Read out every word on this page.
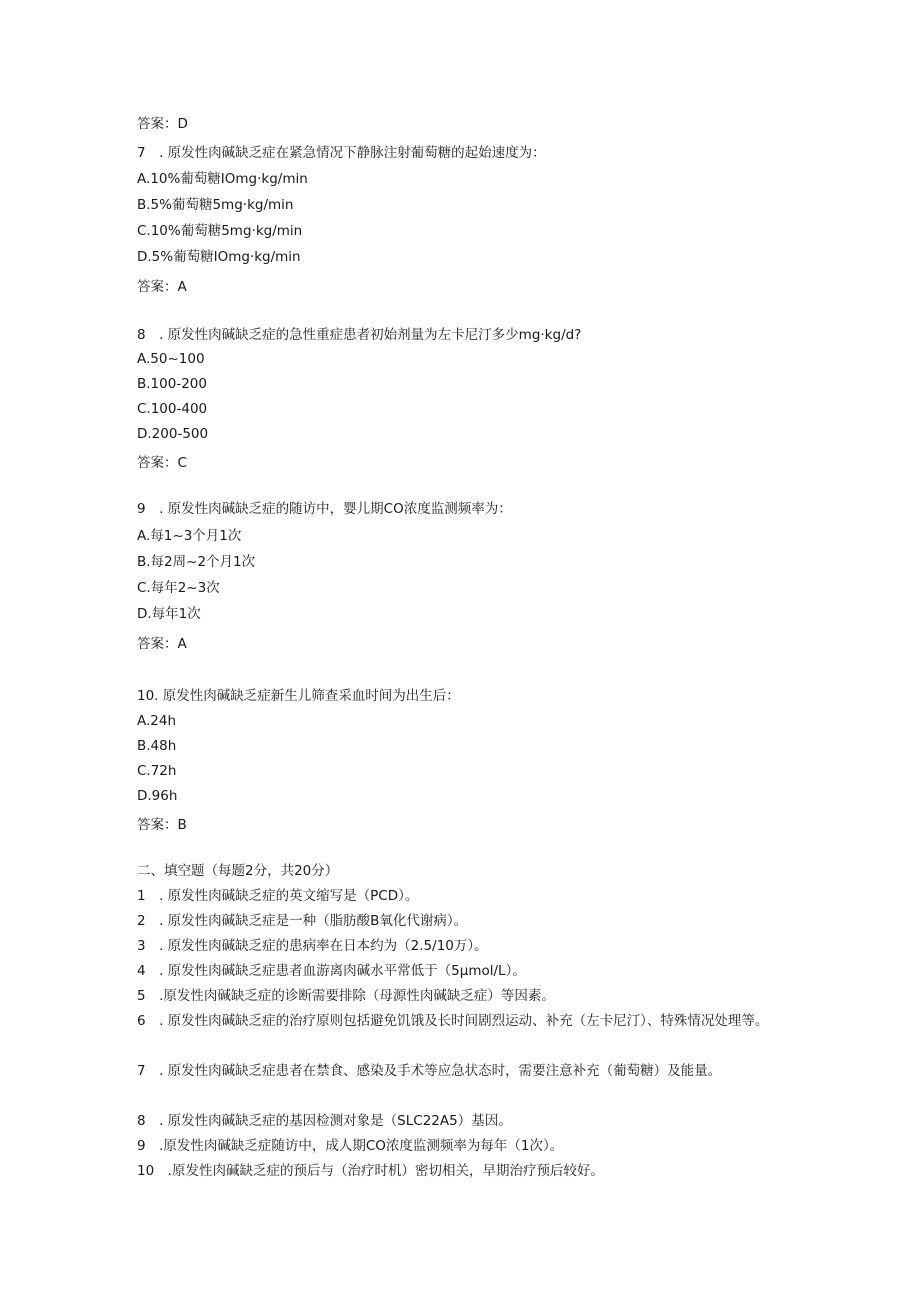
答案：D
7　. 原发性肉碱缺乏症在紧急情况下静脉注射葡萄糖的起始速度为：
A.10%葡萄糖IOmg·kg/min
B.5%葡萄糖5mg·kg/min
C.10%葡萄糖5mg·kg/min
D.5%葡萄糖IOmg·kg/min
答案：A
8　. 原发性肉碱缺乏症的急性重症患者初始剂量为左卡尼汀多少mg·kg/d?
A.50~100
B.100-200
C.100-400
D.200-500
答案：C
9　. 原发性肉碱缺乏症的随访中，婴儿期CO浓度监测频率为：
A.每1~3个月1次
B.每2周~2个月1次
C.每年2~3次
D.每年1次
答案：A
10. 原发性肉碱缺乏症新生儿筛查采血时间为出生后：
A.24h
B.48h
C.72h
D.96h
答案：B
二、填空题（每题2分，共20分）
1　. 原发性肉碱缺乏症的英文缩写是（PCD）。
2　. 原发性肉碱缺乏症是一种（脂肪酸B氧化代谢病）。
3　. 原发性肉碱缺乏症的患病率在日本约为（2.5/10万）。
4　. 原发性肉碱缺乏症患者血游离肉碱水平常低于（5μmol/L）。
5　.原发性肉碱缺乏症的诊断需要排除（母源性肉碱缺乏症）等因素。
6　. 原发性肉碱缺乏症的治疗原则包括避免饥饿及长时间剧烈运动、补充（左卡尼汀）、特殊情况处理等。
7　. 原发性肉碱缺乏症患者在禁食、感染及手术等应急状态时，需要注意补充（葡萄糖）及能量。
8　. 原发性肉碱缺乏症的基因检测对象是（SLC22A5）基因。
9　.原发性肉碱缺乏症随访中，成人期CO浓度监测频率为每年（1次）。
10　.原发性肉碱缺乏症的预后与（治疗时机）密切相关，早期治疗预后较好。
